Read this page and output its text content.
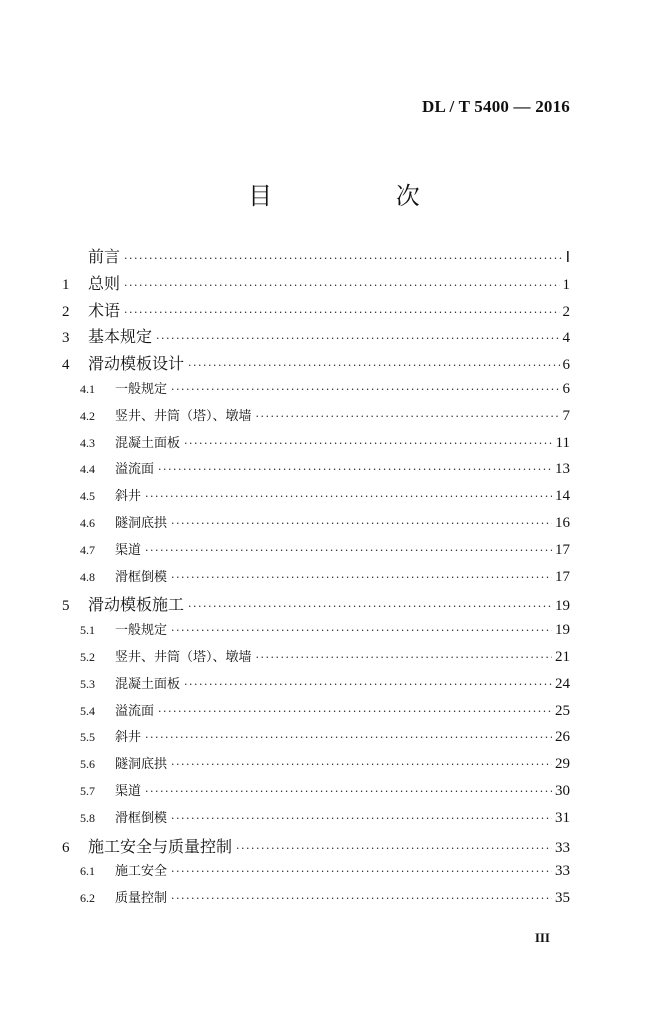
DL / T 5400 — 2016
目 次
前言 ·····	Ⅰ
1	总则 ·····	1
2	术语 ·····	2
3	基本规定 ·····	4
4	滑动模板设计 ·····	6
4.1	一般规定 ·····	6
4.2	竖井、井筒（塔）、墩墙 ·····	7
4.3	混凝土面板 ·····	11
4.4	溢流面 ·····	13
4.5	斜井 ·····	14
4.6	隧洞底拱 ·····	16
4.7	渠道 ·····	17
4.8	滑框倒模 ·····	17
5	滑动模板施工 ·····	19
5.1	一般规定 ·····	19
5.2	竖井、井筒（塔）、墩墙 ·····	21
5.3	混凝土面板 ·····	24
5.4	溢流面 ·····	25
5.5	斜井 ·····	26
5.6	隧洞底拱 ·····	29
5.7	渠道 ·····	30
5.8	滑框倒模 ·····	31
6	施工安全与质量控制 ·····	33
6.1	施工安全 ·····	33
6.2	质量控制 ·····	35
III
